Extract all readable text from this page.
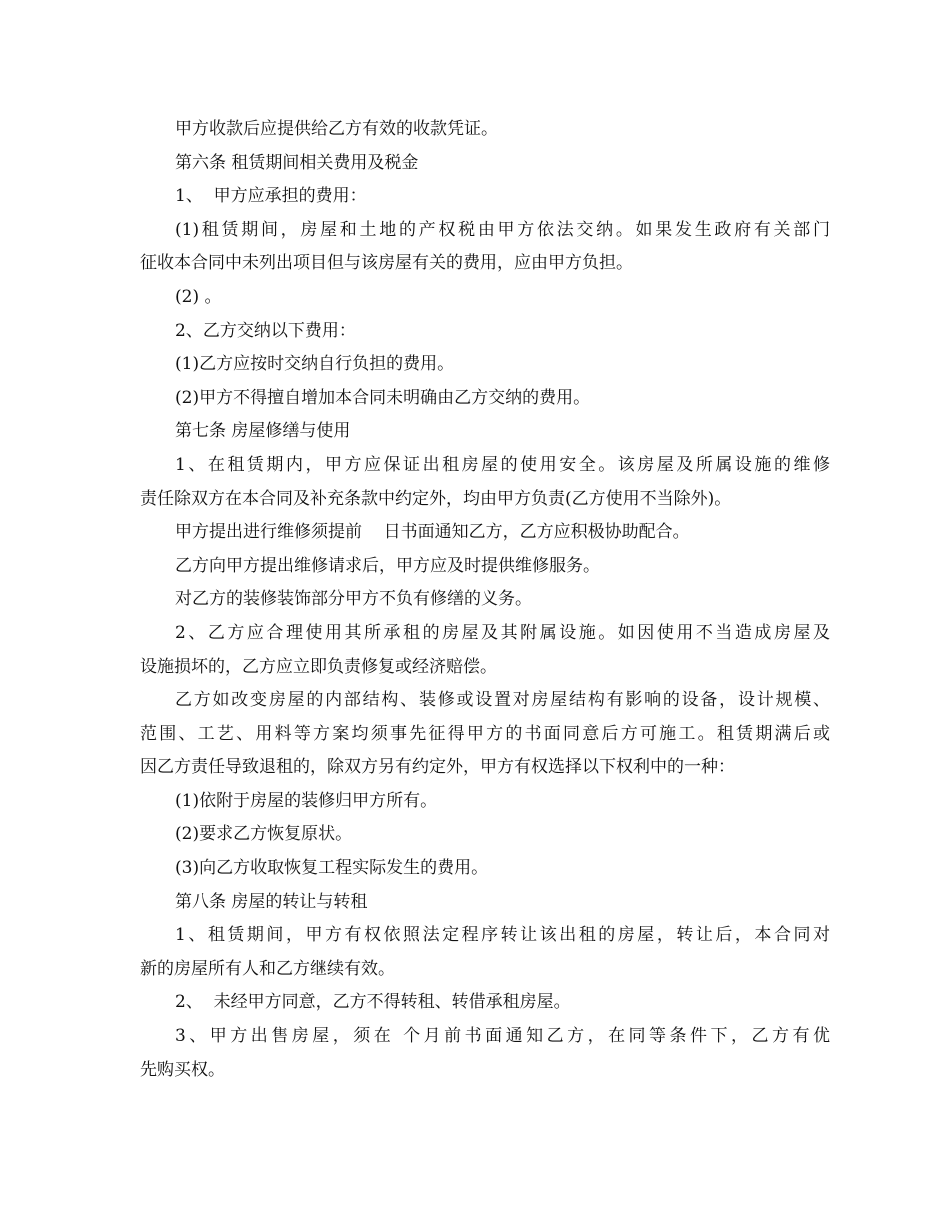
甲方收款后应提供给乙方有效的收款凭证。
第六条 租赁期间相关费用及税金
1、  甲方应承担的费用：
(1)租赁期间，房屋和土地的产权税由甲方依法交纳。如果发生政府有关部门
征收本合同中未列出项目但与该房屋有关的费用，应由甲方负担。
(2) 。
2、乙方交纳以下费用：
(1)乙方应按时交纳自行负担的费用。
(2)甲方不得擅自增加本合同未明确由乙方交纳的费用。
第七条 房屋修缮与使用
1、在租赁期内，甲方应保证出租房屋的使用安全。该房屋及所属设施的维修
责任除双方在本合同及补充条款中约定外，均由甲方负责(乙方使用不当除外)。
甲方提出进行维修须提前    日书面通知乙方，乙方应积极协助配合。
乙方向甲方提出维修请求后，甲方应及时提供维修服务。
对乙方的装修装饰部分甲方不负有修缮的义务。
2、乙方应合理使用其所承租的房屋及其附属设施。如因使用不当造成房屋及
设施损坏的，乙方应立即负责修复或经济赔偿。
乙方如改变房屋的内部结构、装修或设置对房屋结构有影响的设备，设计规模、
范围、工艺、用料等方案均须事先征得甲方的书面同意后方可施工。租赁期满后或
因乙方责任导致退租的，除双方另有约定外，甲方有权选择以下权利中的一种：
(1)依附于房屋的装修归甲方所有。
(2)要求乙方恢复原状。
(3)向乙方收取恢复工程实际发生的费用。
第八条 房屋的转让与转租
1、租赁期间，甲方有权依照法定程序转让该出租的房屋，转让后，本合同对
新的房屋所有人和乙方继续有效。
2、  未经甲方同意，乙方不得转租、转借承租房屋。
3、甲方出售房屋，须在 个月前书面通知乙方，在同等条件下，乙方有优
先购买权。
